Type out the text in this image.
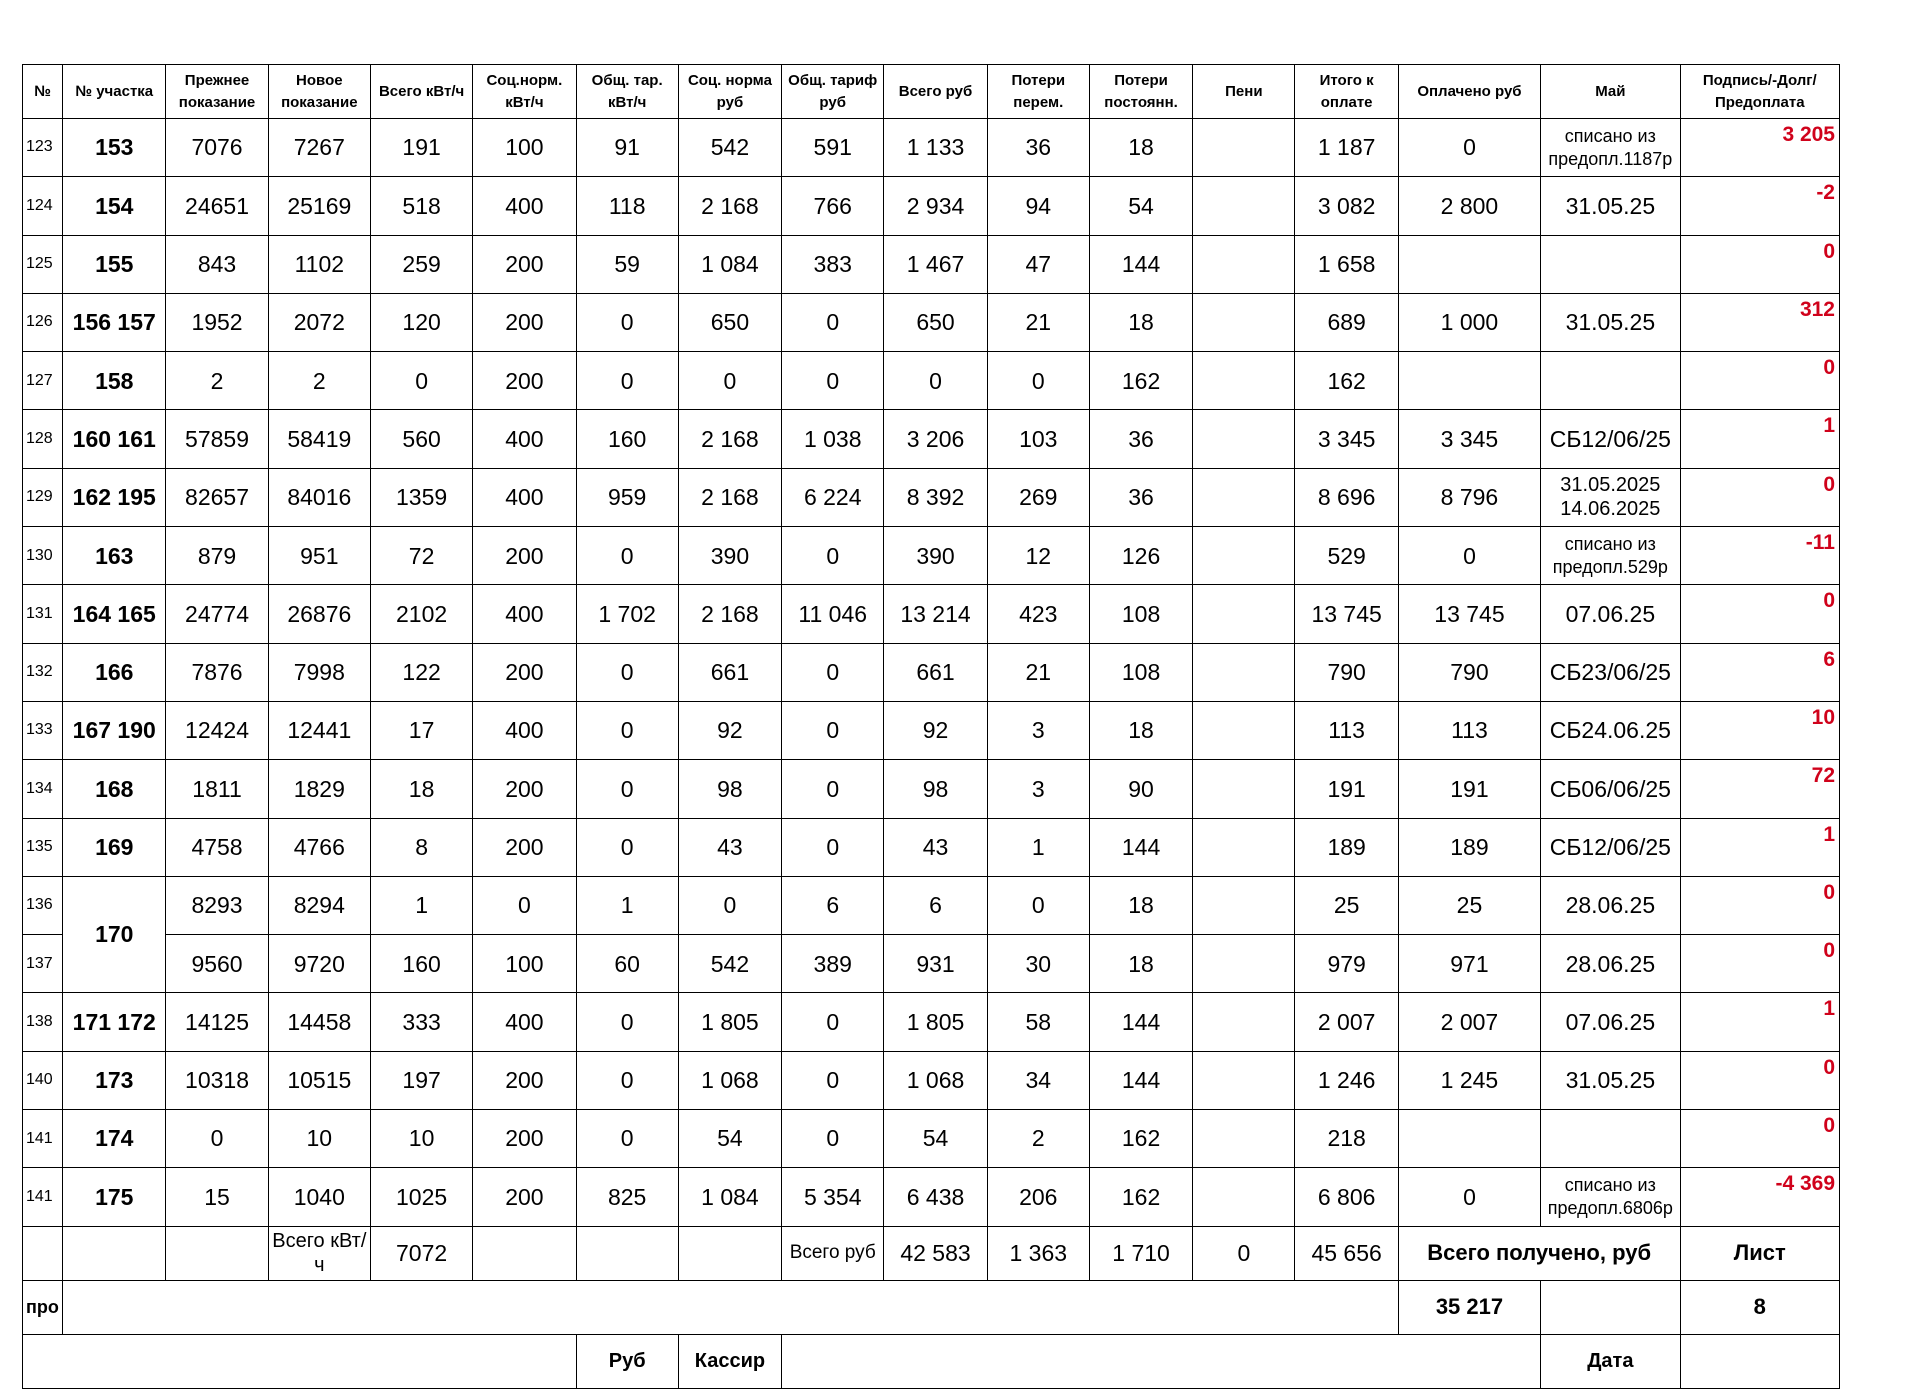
№	№ участка	Прежнее показание	Новое показание	Всего кВт/ч	Соц.норм. кВт/ч	Общ. тар. кВт/ч	Соц. норма руб	Общ. тариф руб	Всего руб	Потери перем.	Потери постоянн.	Пени	Итого к оплате	Оплачено руб	Май	Подпись/-Долг/Предоплата
123	153	7076	7267	191	100	91	542	591	1 133	36	18		1 187	0	списано из предопл.1187р	3 205
124	154	24651	25169	518	400	118	2 168	766	2 934	94	54		3 082	2 800	31.05.25	-2
125	155	843	1102	259	200	59	1 084	383	1 467	47	144		1 658			0
126	156 157	1952	2072	120	200	0	650	0	650	21	18		689	1 000	31.05.25	312
127	158	2	2	0	200	0	0	0	0	0	162		162			0
128	160 161	57859	58419	560	400	160	2 168	1 038	3 206	103	36		3 345	3 345	СБ12/06/25	1
129	162 195	82657	84016	1359	400	959	2 168	6 224	8 392	269	36		8 696	8 796	31.05.2025 14.06.2025	0
130	163	879	951	72	200	0	390	0	390	12	126		529	0	списано из предопл.529р	-11
131	164 165	24774	26876	2102	400	1 702	2 168	11 046	13 214	423	108		13 745	13 745	07.06.25	0
132	166	7876	7998	122	200	0	661	0	661	21	108		790	790	СБ23/06/25	6
133	167 190	12424	12441	17	400	0	92	0	92	3	18		113	113	СБ24.06.25	10
134	168	1811	1829	18	200	0	98	0	98	3	90		191	191	СБ06/06/25	72
135	169	4758	4766	8	200	0	43	0	43	1	144		189	189	СБ12/06/25	1
136	170	8293	8294	1	0	1	0	6	6	0	18		25	25	28.06.25	0
137		9560	9720	160	100	60	542	389	931	30	18		979	971	28.06.25	0
138	171 172	14125	14458	333	400	0	1 805	0	1 805	58	144		2 007	2 007	07.06.25	1
140	173	10318	10515	197	200	0	1 068	0	1 068	34	144		1 246	1 245	31.05.25	0
141	174	0	10	10	200	0	54	0	54	2	162		218			0
141	175	15	1040	1025	200	825	1 084	5 354	6 438	206	162		6 806	0	списано из предопл.6806р	-4 369
			Всего кВт/ч	7072				Всего руб	42 583	1 363	1 710	0	45 656	Всего получено, руб		Лист
про														35 217		8
						Руб	Кассир								Дата	
